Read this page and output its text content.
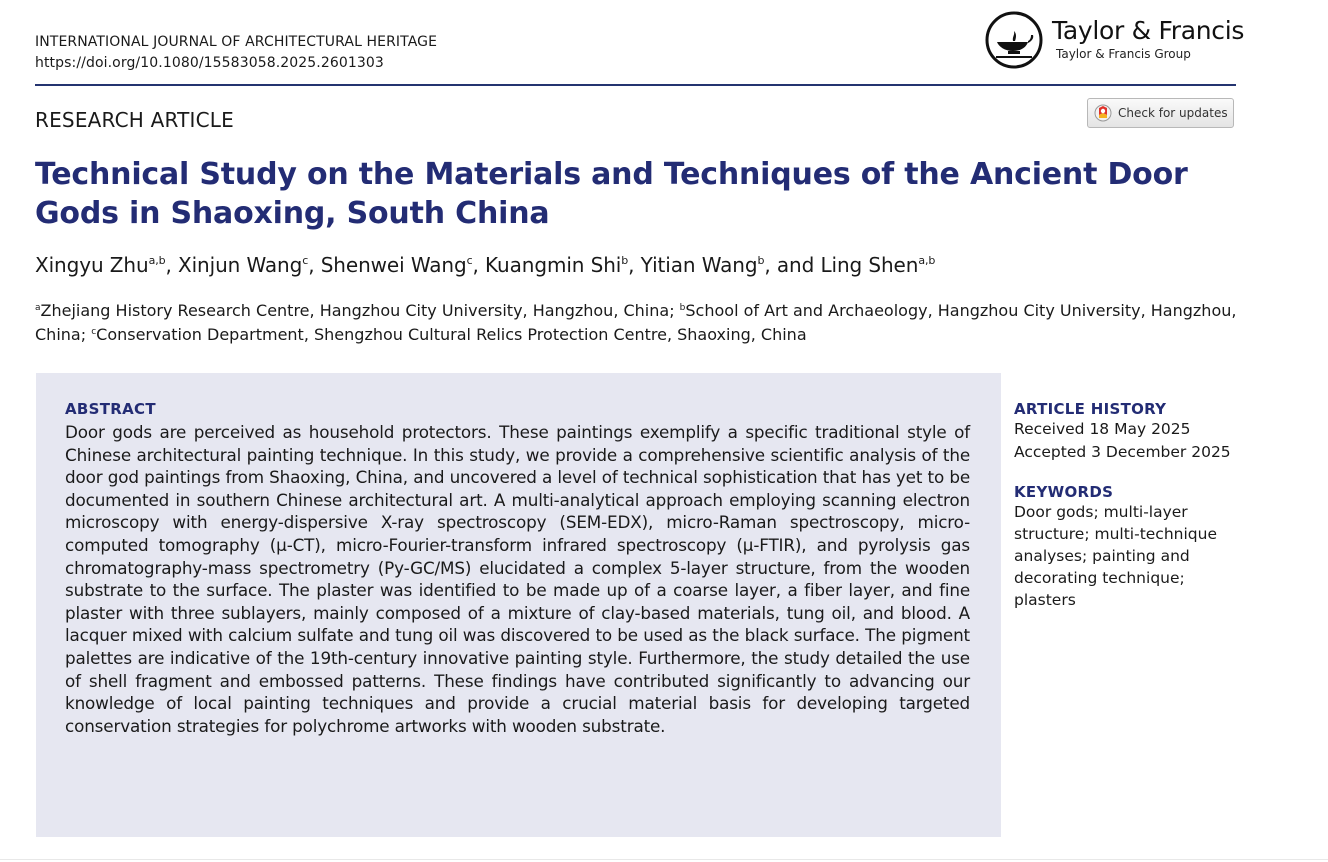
INTERNATIONAL JOURNAL OF ARCHITECTURAL HERITAGE
https://doi.org/10.1080/15583058.2025.2601303
Taylor & Francis
Taylor & Francis Group
RESEARCH ARTICLE	Check for updates
Technical Study on the Materials and Techniques of the Ancient Door Gods in Shaoxing, South China
Xingyu Zhu$^{a,b}$, Xinjun Wang$^c$, Shenwei Wang$^c$, Kuangmin Shi$^b$, Yitian Wang$^b$, and Ling Shen$^{a,b}$
$^a$Zhejiang History Research Centre, Hangzhou City University, Hangzhou, China; $^b$School of Art and Archaeology, Hangzhou City University, Hangzhou, China; $^c$Conservation Department, Shengzhou Cultural Relics Protection Centre, Shaoxing, China
ABSTRACT

Door gods are perceived as household protectors. These paintings exemplify a specific traditional style of Chinese architectural painting technique. In this study, we provide a comprehensive scientific analysis of the door god paintings from Shaoxing, China, and uncovered a level of technical sophistication that has yet to be documented in southern Chinese architectural art. A multi-analytical approach employing scanning electron microscopy with energy-dispersive X-ray spectroscopy (SEM-EDX), micro-Raman spectroscopy, micro-computed tomography (μ-CT), micro-Fourier-transform infrared spectroscopy (μ-FTIR), and pyrolysis gas chromatography-mass spectrometry (Py-GC/MS) elucidated a complex 5-layer structure, from the wooden substrate to the surface. The plaster was identified to be made up of a coarse layer, a fiber layer, and fine plaster with three sublayers, mainly composed of a mixture of clay-based materials, tung oil, and blood. A lacquer mixed with calcium sulfate and tung oil was discovered to be used as the black surface. The pigment palettes are indicative of the 19th-century innovative painting style. Furthermore, the study detailed the use of shell fragment and embossed patterns. These findings have contributed significantly to advancing our knowledge of local painting techniques and provide a crucial material basis for developing targeted conservation strategies for polychrome artworks with wooden substrate.

ARTICLE HISTORY
Received 18 May 2025
Accepted 3 December 2025
KEYWORDS
Door gods; multi-layer
structure; multi-technique
analyses; painting and
decorating technique;
plasters
